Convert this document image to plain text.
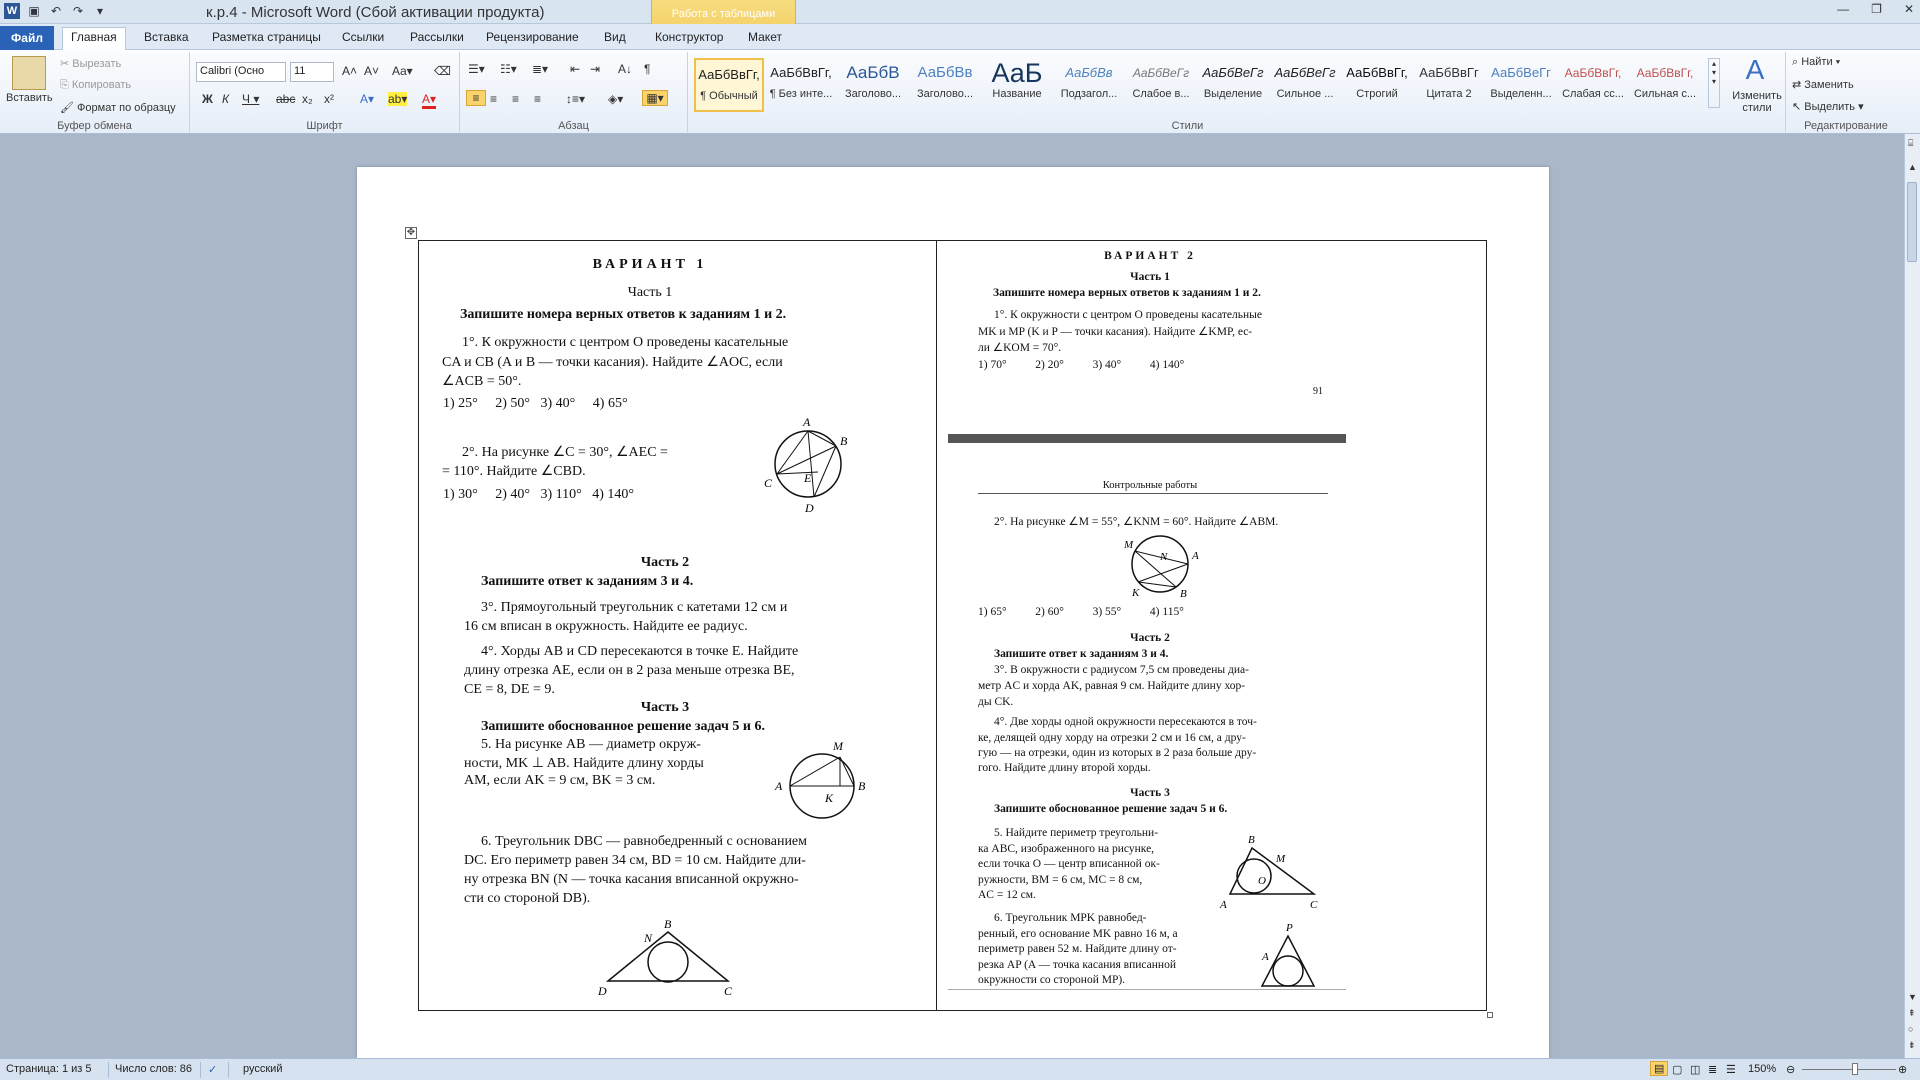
W ▣ ↶ ↷	▾	к.р.4 - Microsoft Word (Сбой активации продукта)	Работа с таблицами	— ❐ ✕
Файл	Главная	Вставка	Разметка страницы	Ссылки	Рассылки	Рецензирование	Вид	Конструктор	Макет
Вставить
✂ Вырезать
⎘ Копировать
🖌 Формат по образцу
Буфер обмена
Calibri (Осно	11	A˄ A˅ Aa▾ ⌫
Ж К Ч ▾ abc x₂ x² A▾ ab▾ A▾
Шрифт
☰▾ ☷▾ ≣▾ ⇤ ⇥ A↓ ¶
≡ ≡ ≡ ≡ ↕≡▾ ◈▾	▦▾
Абзац
АаБбВвГг,
¶ Обычный
АаБбВвГг,
¶ Без инте...
АаБбВ
Заголово...
АаБбВв
Заголово...
АаБ
Название
АаБбВв
Подзагол...
АаБбВеГг
Слабое в...
АаБбВеГг
Выделение
АаБбВеГг
Сильное ...
АаБбВвГг,
Строгий
АаБбВвГг
Цитата 2
АаБбВеГг
Выделенн...
АаБбВвГг,
Слабая сс...
АаБбВвГг,
Сильная с...
▴
▾
▾	A
Изменить стили
Стили
⌕ Найти ▾
⇄ Заменить
↖ Выделить ▾
Редактирование
⌸
▲
▼
⇞
○
⇟
✥
ВАРИАНТ 1
Часть 1
Запишите номера верных ответов к заданиям 1 и 2.
1°. К окружности с центром O проведены касательные
CA и CB (A и B — точки касания). Найдите ∠AOC, если
∠ACB = 50°.
1) 25°     2) 50°   3) 40°     4) 65°
2°. На рисунке ∠C = 30°, ∠AEC =
= 110°. Найдите ∠CBD.
1) 30°     2) 40°   3) 110°   4) 140°
A
B
C
D
E
Часть 2
Запишите ответ к заданиям 3 и 4.
3°. Прямоугольный треугольник с катетами 12 см и
16 см вписан в окружность. Найдите ее радиус.
4°. Хорды AB и CD пересекаются в точке E. Найдите
длину отрезка AE, если он в 2 раза меньше отрезка BE,
CE = 8, DE = 9.
Часть 3
Запишите обоснованное решение задач 5 и 6.
5. На рисунке AB — диаметр окруж-
ности, MK ⊥ AB. Найдите длину хорды
AM, если AK = 9 см, BK = 3 см.
M
A	B
K
6. Треугольник DBC — равнобедренный с основанием
DC. Его периметр равен 34 см, BD = 10 см. Найдите дли-
ну отрезка BN (N — точка касания вписанной окружно-
сти со стороной DB).
B
N
D	C
ВАРИАНТ 2
Часть 1
Запишите номера верных ответов к заданиям 1 и 2.
1°. К окружности с центром O проведены касательные
MK и MP (K и P — точки касания). Найдите ∠KMP, ес-
ли ∠KOM = 70°.
1) 70°          2) 20°          3) 40°          4) 140°
91
Контрольные работы
2°. На рисунке ∠M = 55°, ∠KNM = 60°. Найдите ∠ABM.
M
N A
K	B
1) 65°          2) 60°          3) 55°          4) 115°
Часть 2
Запишите ответ к заданиям 3 и 4.
3°. В окружности с радиусом 7,5 см проведены диа-
метр AC и хорда AK, равная 9 см. Найдите длину хор-
ды CK.
4°. Две хорды одной окружности пересекаются в точ-
ке, делящей одну хорду на отрезки 2 см и 16 см, а дру-
гую — на отрезки, один из которых в 2 раза больше дру-
гого. Найдите длину второй хорды.
Часть 3
Запишите обоснованное решение задач 5 и 6.
5. Найдите периметр треугольни-
ка ABC, изображенного на рисунке,
если точка O — центр вписанной ок-
ружности, BM = 6 см, MC = 8 см,
AC = 12 см.
B
M
O
A	C
6. Треугольник MPK равнобед-
ренный, его основание MK равно 16 м, а
периметр равен 52 м. Найдите длину от-
резка AP (A — точка касания вписанной
окружности со стороной MP).
P
A
Страница: 1 из 5 Число слов: 86 ✓ русский	▤ ▢ ◫ ≣ ☰ 150% ⊖	⊕
